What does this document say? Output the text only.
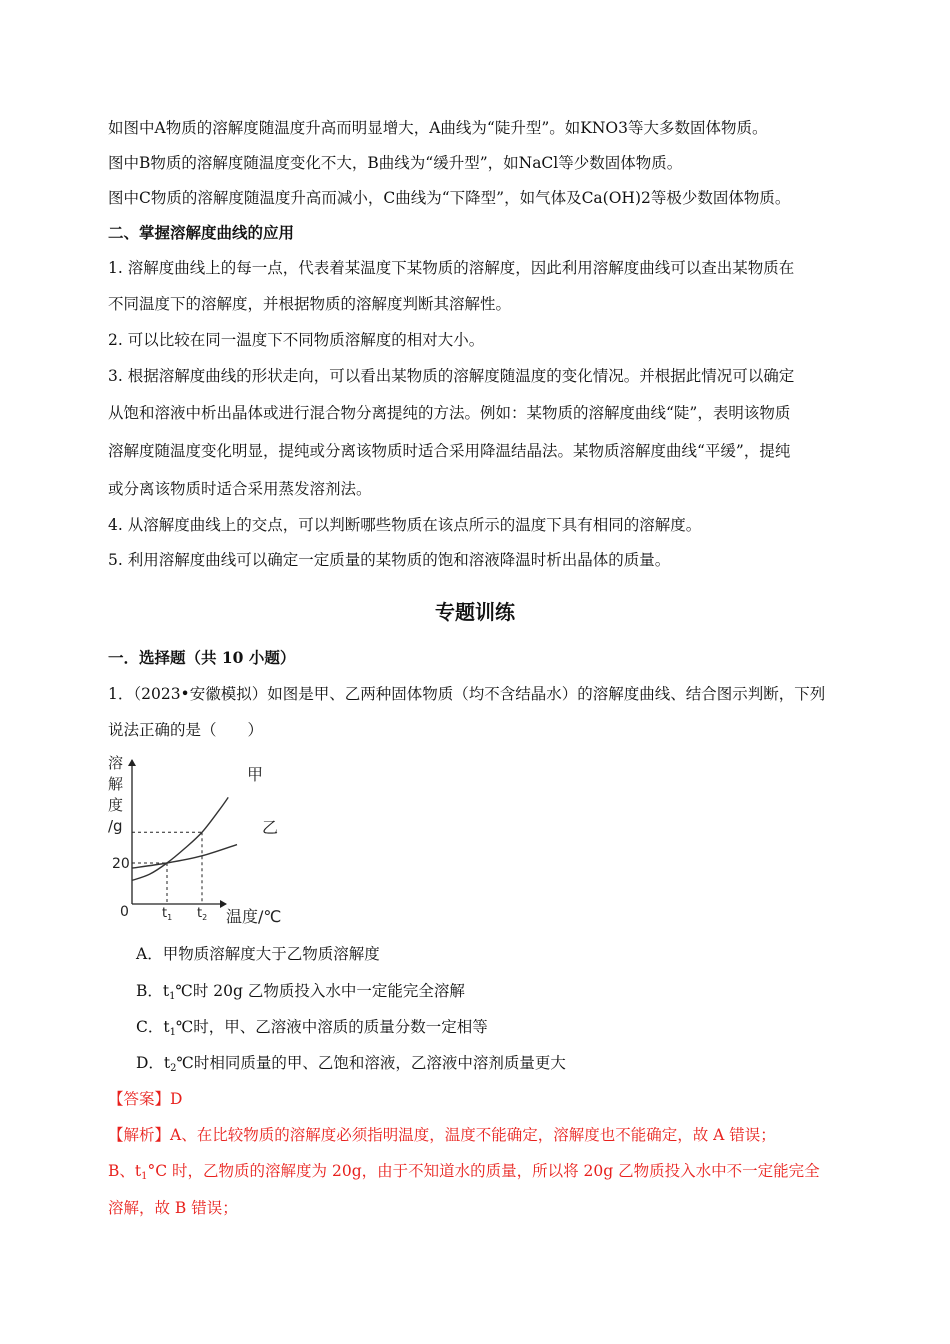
如图中A物质的溶解度随温度升高而明显增大，A曲线为“陡升型”。如KNO3等大多数固体物质。
图中B物质的溶解度随温度变化不大，B曲线为“缓升型”，如NaCl等少数固体物质。
图中C物质的溶解度随温度升高而减小，C曲线为“下降型”，如气体及Ca(OH)2等极少数固体物质。
二、掌握溶解度曲线的应用
1. 溶解度曲线上的每一点，代表着某温度下某物质的溶解度，因此利用溶解度曲线可以查出某物质在
不同温度下的溶解度，并根据物质的溶解度判断其溶解性。
2. 可以比较在同一温度下不同物质溶解度的相对大小。
3. 根据溶解度曲线的形状走向，可以看出某物质的溶解度随温度的变化情况。并根据此情况可以确定
从饱和溶液中析出晶体或进行混合物分离提纯的方法。例如：某物质的溶解度曲线“陡”，表明该物质
溶解度随温度变化明显，提纯或分离该物质时适合采用降温结晶法。某物质溶解度曲线“平缓”，提纯
或分离该物质时适合采用蒸发溶剂法。
4. 从溶解度曲线上的交点，可以判断哪些物质在该点所示的温度下具有相同的溶解度。
5. 利用溶解度曲线可以确定一定质量的某物质的饱和溶液降温时析出晶体的质量。
专题训练
一．选择题（共 10 小题）
1．（2023•安徽模拟）如图是甲、乙两种固体物质（均不含结晶水）的溶解度曲线、结合图示判断，下列
说法正确的是（　　）
溶
解
度
/g
20
0	$t_1$ $t_2$ 温度/℃
甲
乙
A．甲物质溶解度大于乙物质溶解度
B．$t_1℃$时 20g 乙物质投入水中一定能完全溶解
C．$t_1℃$时，甲、乙溶液中溶质的质量分数一定相等
D．$t_2℃$时相同质量的甲、乙饱和溶液，乙溶液中溶剂质量更大
【答案】D
【解析】A、在比较物质的溶解度必须指明温度，温度不能确定，溶解度也不能确定，故 A 错误；
B、$t_1^\circ C$ 时，乙物质的溶解度为 20g，由于不知道水的质量，所以将 20g 乙物质投入水中不一定能完全
溶解，故 B 错误；
